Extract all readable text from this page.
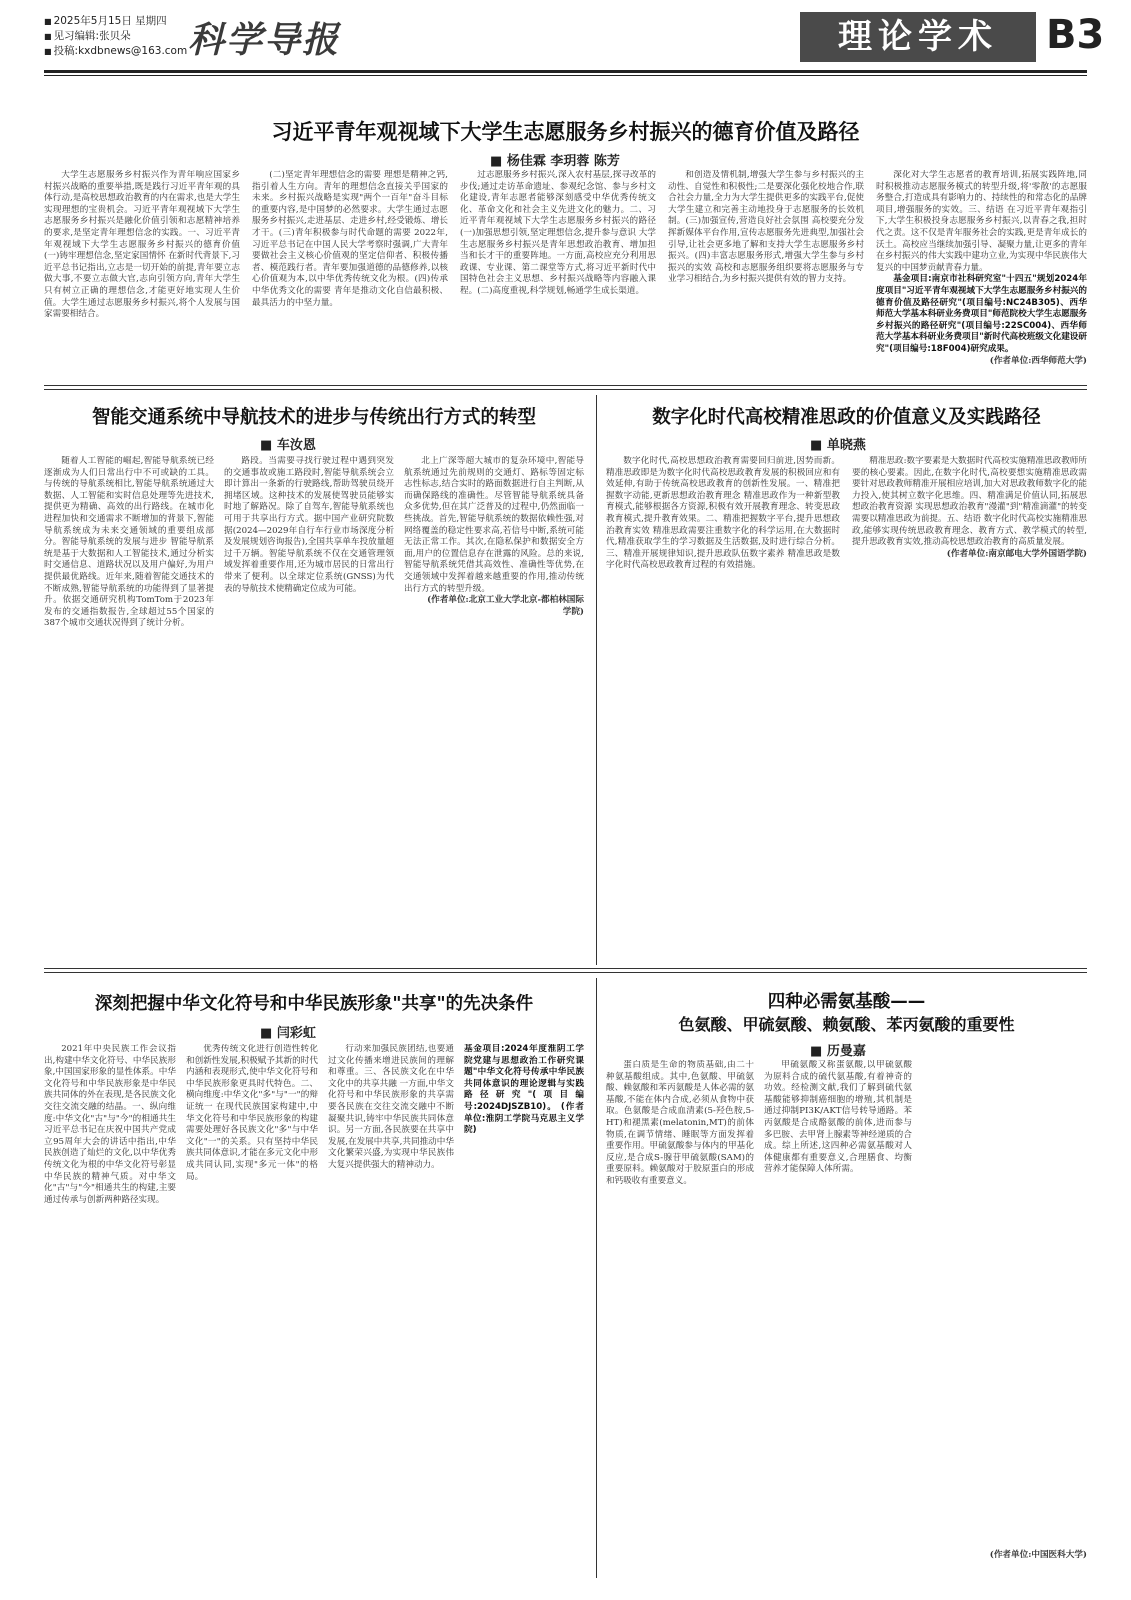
■ 2025年5月15日 星期四
■ 见习编辑:张贝朵
■ 投稿:kxdbnews@163.com 科学导报	理论学术	B3
习近平青年观视域下大学生志愿服务乡村振兴的德育价值及路径
■ 杨佳霖 李玥蓉 陈芳

大学生志愿服务乡村振兴作为青年响应国家乡村振兴战略的重要举措,既是践行习近平青年观的具体行动,是高校思想政治教育的内在需求,也是大学生实现理想的宝贵机会。习近平青年观视域下大学生志愿服务乡村振兴是融化价值引领和志愿精神培养的要求,是坚定青年理想信念的实践。一、习近平青年观视域下大学生志愿服务乡村振兴的德育价值 (一)铸牢理想信念,坚定家国情怀 在新时代背景下,习近平总书记指出,立志是一切开始的前提,青年要立志做大事,不要立志做大官,志向引领方向,青年大学生只有树立正确的理想信念,才能更好地实现人生价值。大学生通过志愿服务乡村振兴,将个人发展与国家需要相结合。

(二)坚定青年理想信念的需要 理想是精神之钙,指引着人生方向。青年的理想信念直接关乎国家的未来。乡村振兴战略是实现"两个一百年"奋斗目标的重要内容,是中国梦的必然要求。大学生通过志愿服务乡村振兴,走进基层、走进乡村,经受锻炼、增长才干。(三)青年积极参与时代命题的需要 2022年,习近平总书记在中国人民大学考察时强调,广大青年要做社会主义核心价值观的坚定信仰者、积极传播者、模范践行者。青年要加强道德的品德修养,以核心价值观为本,以中华优秀传统文化为根。(四)传承中华优秀文化的需要 青年是推动文化自信最积极、最具活力的中坚力量。

过志愿服务乡村振兴,深入农村基层,探寻改革的步伐;通过走访革命遗址、参观纪念馆、参与乡村文化建设,青年志愿者能够深刻感受中华优秀传统文化、革命文化和社会主义先进文化的魅力。二、习近平青年观视域下大学生志愿服务乡村振兴的路径 (一)加强思想引领,坚定理想信念,提升参与意识 大学生志愿服务乡村振兴是青年思想政治教育、增加担当和长才干的重要阵地。一方面,高校应充分利用思政课、专业课、第二课堂等方式,将习近平新时代中国特色社会主义思想、乡村振兴战略等内容融入课程。(二)高度重视,科学规划,畅通学生成长渠道。

和创造及情机制,增强大学生参与乡村振兴的主动性、自觉性和积极性;二是要深化强化校地合作,联合社会力量,全力为大学生提供更多的实践平台,促使大学生建立和完善主动地投身于志愿服务的长效机制。(三)加强宣传,营造良好社会氛围 高校要充分发挥新媒体平台作用,宣传志愿服务先进典型,加强社会引导,让社会更多地了解和支持大学生志愿服务乡村振兴。(四)丰富志愿服务形式,增强大学生参与乡村振兴的实效 高校和志愿服务组织要将志愿服务与专业学习相结合,为乡村振兴提供有效的智力支持。

深化对大学生志愿者的教育培训,拓展实践阵地,同时积极推动志愿服务模式的转型升级,将'零散'的志愿服务整合,打造成具有影响力的、持续性的和常态化的品牌项目,增强服务的实效。三、结语 在习近平青年观指引下,大学生积极投身志愿服务乡村振兴,以青春之我,担时代之责。这不仅是青年服务社会的实践,更是青年成长的沃土。高校应当继续加强引导、凝聚力量,让更多的青年在乡村振兴的伟大实践中建功立业,为实现中华民族伟大复兴的中国梦贡献青春力量。

基金项目:南京市社科研究室"十四五"规划2024年度项目"习近平青年观视域下大学生志愿服务乡村振兴的德育价值及路径研究"(项目编号:NC24B305)、西华师范大学基本科研业务费项目"师范院校大学生志愿服务乡村振兴的路径研究"(项目编号:22SC004)、西华师范大学基本科研业务费项目"新时代高校班级文化建设研究"(项目编号:18F004)研究成果。

(作者单位:西华师范大学)

智能交通系统中导航技术的进步与传统出行方式的转型
■ 车汝恩

随着人工智能的崛起,智能导航系统已经逐渐成为人们日常出行中不可或缺的工具。与传统的导航系统相比,智能导航系统通过大数据、人工智能和实时信息处理等先进技术,提供更为精确、高效的出行路线。在城市化进程加快和交通需求不断增加的背景下,智能导航系统成为未来交通领域的重要组成部分。智能导航系统的发展与进步 智能导航系统是基于大数据和人工智能技术,通过分析实时交通信息、道路状况以及用户偏好,为用户提供最优路线。近年来,随着智能交通技术的不断成熟,智能导航系统的功能得到了显著提升。依据交通研究机构TomTom于2023年发布的交通指数报告,全球超过55个国家的387个城市交通状况得到了统计分析。

路段。当需要寻找行驶过程中遇到突发的交通事故或施工路段时,智能导航系统会立即计算出一条新的行驶路线,帮助驾驶员绕开拥堵区域。这种技术的发展使驾驶员能够实时地了解路况。除了自驾车,智能导航系统也可用于共享出行方式。据中国产业研究院数据(2024—2029年自行车行业市场深度分析及发展规划咨询报告),全国共享单车投放量超过千万辆。智能导航系统不仅在交通管理领域发挥着重要作用,还为城市居民的日常出行带来了便利。以全球定位系统(GNSS)为代表的导航技术使精确定位成为可能。

北上广深等超大城市的复杂环境中,智能导航系统通过先前规则的交通灯、路标等固定标志性标志,结合实时的路面数据进行自主判断,从而确保路线的准确性。尽管智能导航系统具备众多优势,但在其广泛普及的过程中,仍然面临一些挑战。首先,智能导航系统的数据依赖性强,对网络覆盖的稳定性要求高,若信号中断,系统可能无法正常工作。其次,在隐私保护和数据安全方面,用户的位置信息存在泄露的风险。总的来说,智能导航系统凭借其高效性、准确性等优势,在交通领域中发挥着越来越重要的作用,推动传统出行方式的转型升级。

(作者单位:北京工业大学北京-都柏林国际学院)

数字化时代高校精准思政的价值意义及实践路径
■ 单晓燕

数字化时代,高校思想政治教育需要回归前进,因势而新。精准思政即是为数字化时代高校思政教育发展的积极回应和有效延伸,有助于传统高校思政教育的创新性发展。一、精准把握数字动能,更新思想政治教育理念 精准思政作为一种新型教育模式,能够根据各方资源,积极有效开展教育理念、转变思政教育模式,提升教育效果。二、精准把握数字平台,提升思想政治教育实效 精准思政需要注重数字化的科学运用,在大数据时代,精准获取学生的学习数据及生活数据,及时进行综合分析。三、精准开展规律知识,提升思政队伍数字素养 精准思政是数字化时代高校思政教育过程的有效措施。

精准思政:数字要素是大数据时代高校实施精准思政教师所要的核心要素。因此,在数字化时代,高校要想实施精准思政需要针对思政教师精准开展相应培训,加大对思政教师数字化的能力投入,使其树立数字化思维。四、精准满足价值认同,拓展思想政治教育资源 实现思想政治教育"漫灌"到"精准滴灌"的转变需要以精准思政为前提。五、结语 数字化时代高校实施精准思政,能够实现传统思政教育理念、教育方式、教学模式的转型,提升思政教育实效,推动高校思想政治教育的高质量发展。

(作者单位:南京邮电大学外国语学院)

深刻把握中华文化符号和中华民族形象"共享"的先决条件
■ 闫彩虹

2021年中央民族工作会议指出,构建中华文化符号、中华民族形象,中国国家形象的显性体系。中华文化符号和中华民族形象是中华民族共同体的外在表现,是各民族文化交往交流交融的结晶。一、纵向维度:中华文化"古"与"今"的相通共生 习近平总书记在庆祝中国共产党成立95周年大会的讲话中指出,中华民族创造了灿烂的文化,以中华优秀传统文化为根的中华文化符号彰显中华民族的精神气质。对中华文化"古"与"今"相通共生的构建,主要通过传承与创新两种路径实现。

优秀传统文化进行创造性转化和创新性发展,积极赋予其新的时代内涵和表现形式,使中华文化符号和中华民族形象更具时代特色。二、横向维度:中华文化"多"与"一"的辩证统一 在现代民族国家构建中,中华文化符号和中华民族形象的构建需要处理好各民族文化"多"与中华文化"一"的关系。只有坚持中华民族共同体意识,才能在多元文化中形成共同认同,实现"多元一体"的格局。

行动来加强民族团结,也要通过文化传播来增进民族间的理解和尊重。三、各民族文化在中华文化中的共享共融 一方面,中华文化符号和中华民族形象的共享需要各民族在交往交流交融中不断凝聚共识,铸牢中华民族共同体意识。另一方面,各民族要在共享中发展,在发展中共享,共同推动中华文化繁荣兴盛,为实现中华民族伟大复兴提供强大的精神动力。

基金项目:2024年度淮阴工学院党建与思想政治工作研究课题"中华文化符号传承中华民族共同体意识的理论逻辑与实践路径研究"(项目编号:2024DJSZB10)。 (作者单位:淮阴工学院马克思主义学院)

四种必需氨基酸——
色氨酸、甲硫氨酸、赖氨酸、苯丙氨酸的重要性
■ 历曼嘉

蛋白质是生命的物质基础,由二十种氨基酸组成。其中,色氨酸、甲硫氨酸、赖氨酸和苯丙氨酸是人体必需的氨基酸,不能在体内合成,必须从食物中获取。色氨酸是合成血清素(5-羟色胺,5-HT)和褪黑素(melatonin,MT)的前体物质,在调节情绪、睡眠等方面发挥着重要作用。甲硫氨酸参与体内的甲基化反应,是合成S-腺苷甲硫氨酸(SAM)的重要原料。赖氨酸对于胶原蛋白的形成和钙吸收有重要意义。

甲硫氨酸又称蛋氨酸,以甲硫氨酸为原料合成的硫代氨基酸,有着神奇的功效。经检测文献,我们了解到硫代氨基酸能够抑制癌细胞的增殖,其机制是通过抑制PI3K/AKT信号转导通路。苯丙氨酸是合成酪氨酸的前体,进而参与多巴胺、去甲肾上腺素等神经递质的合成。综上所述,这四种必需氨基酸对人体健康都有重要意义,合理膳食、均衡营养才能保障人体所需。

(作者单位:中国医科大学)
